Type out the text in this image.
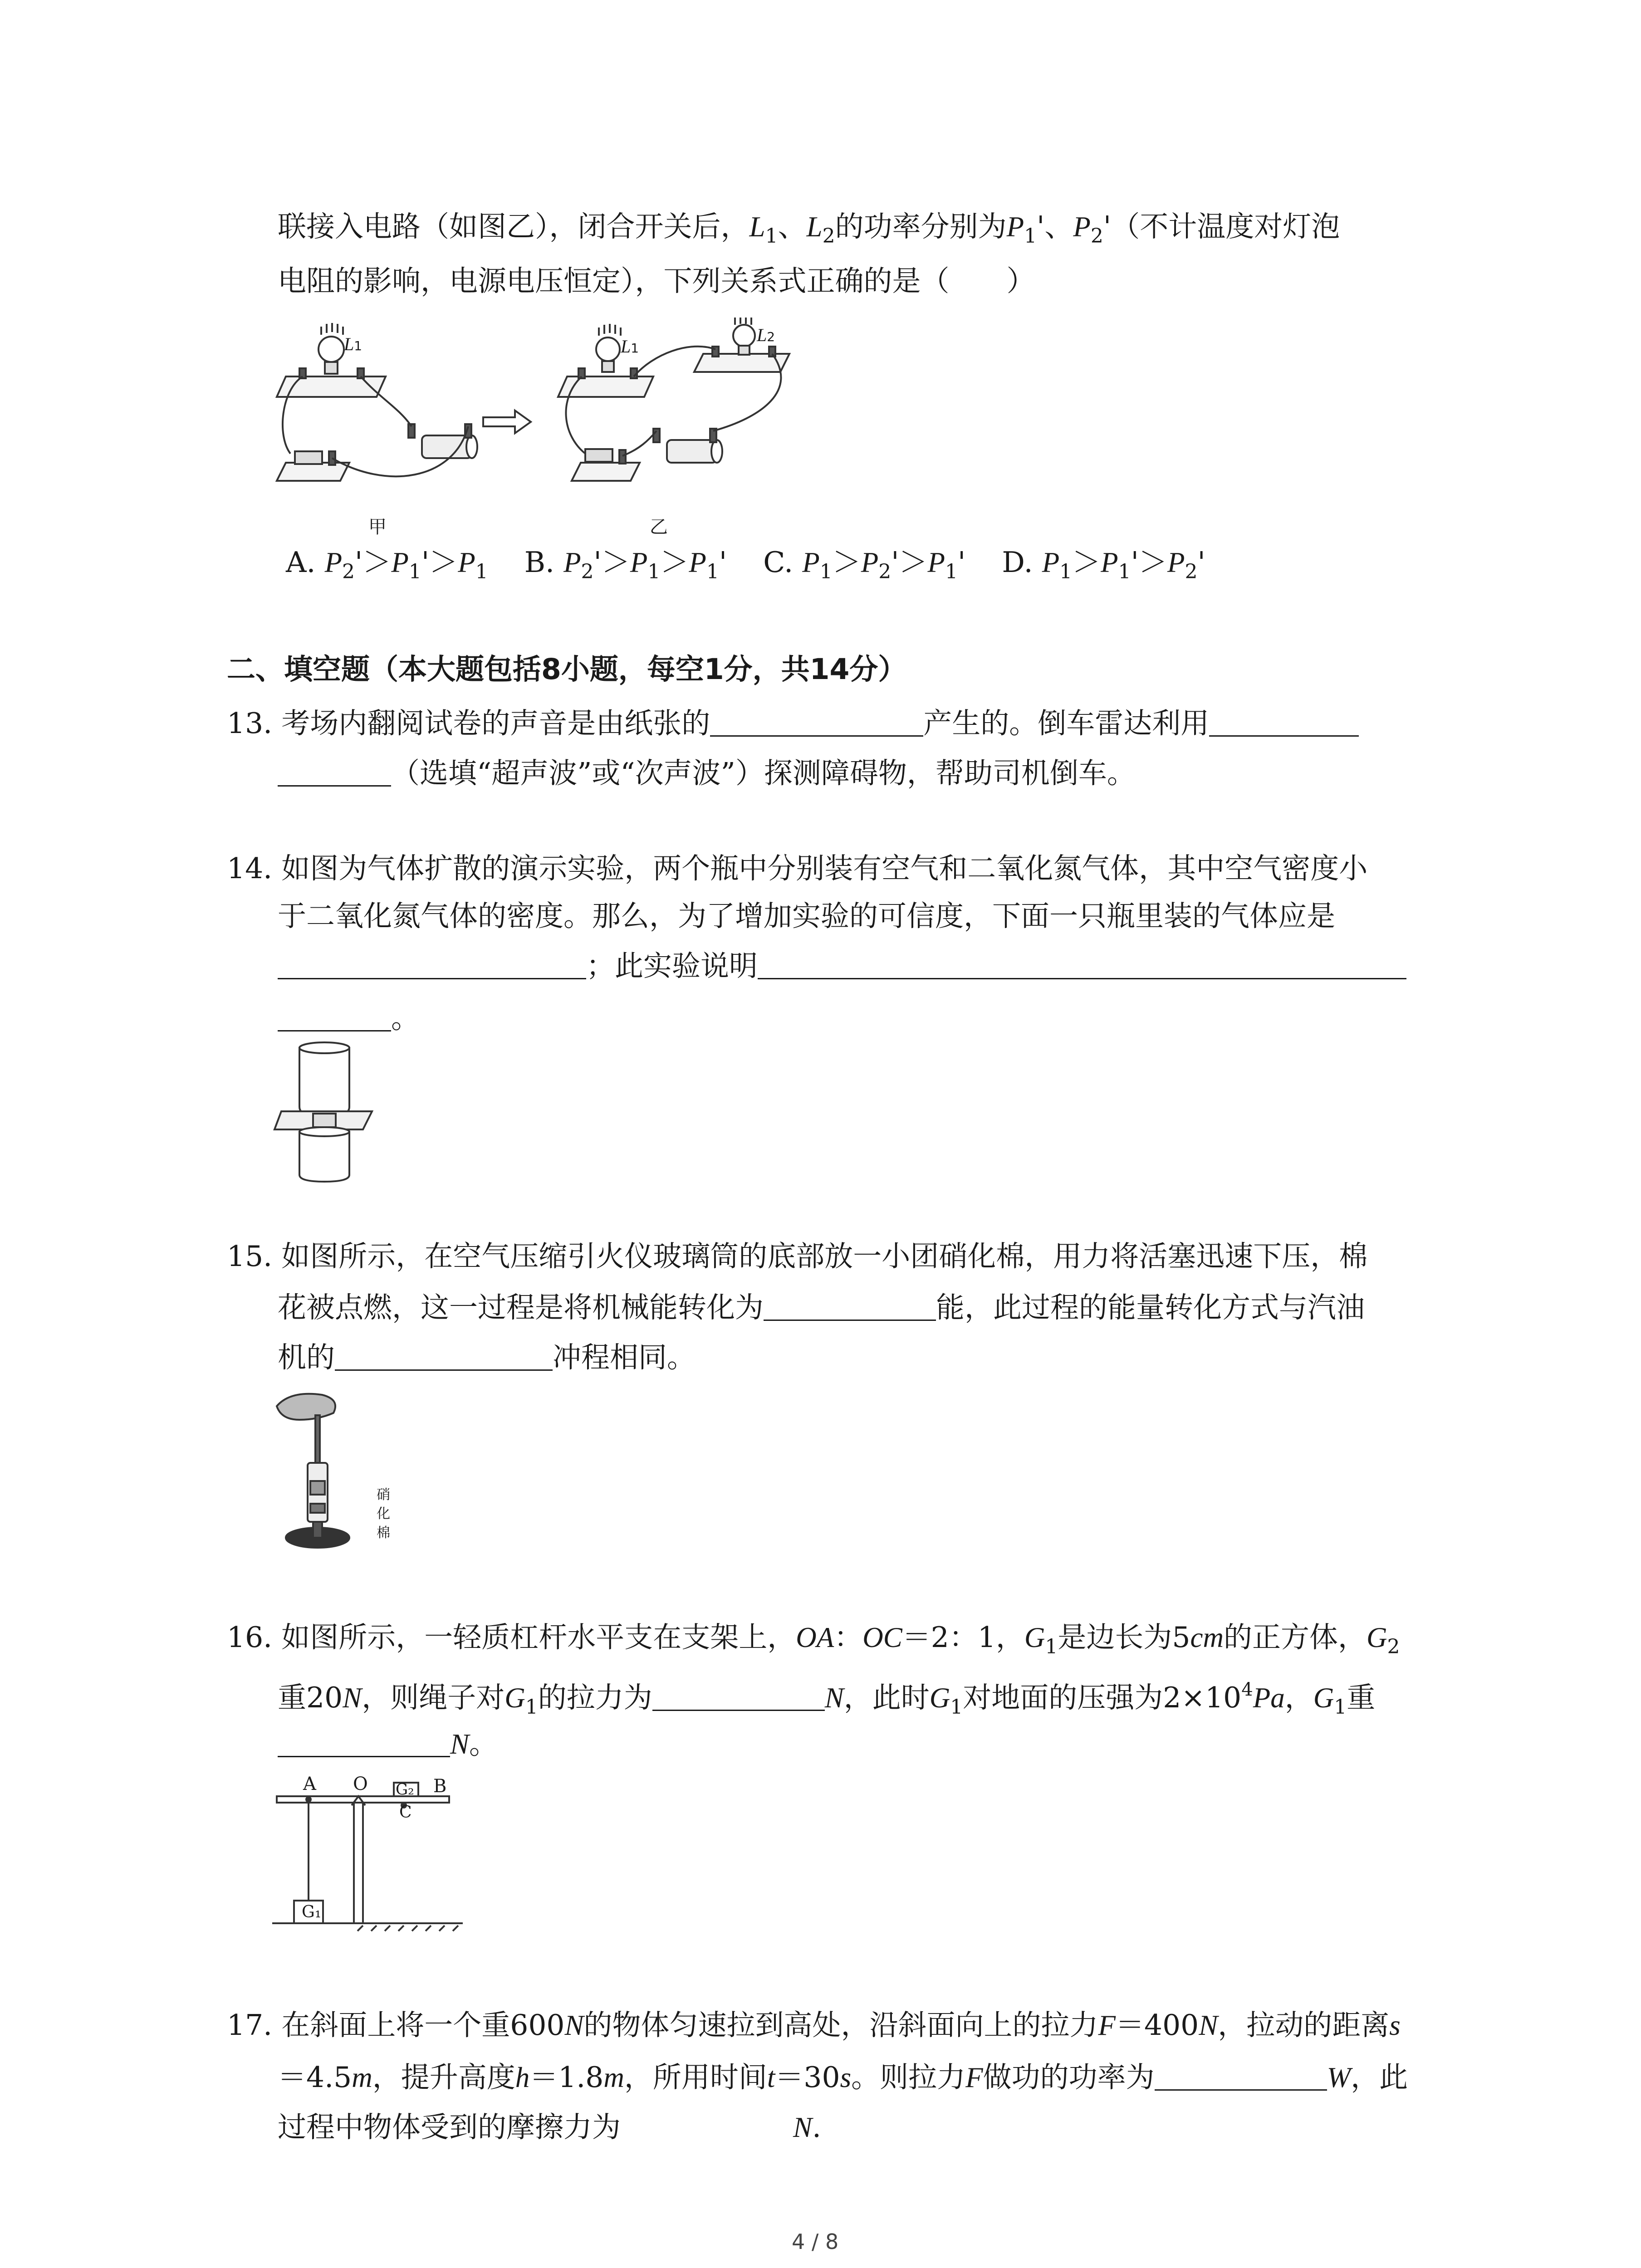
联接入电路（如图乙），闭合开关后，$L_1$、$L_2$的功率分别为$P_1'$、$P_2'$（不计温度对灯泡
电阻的影响，电源电压恒定），下列关系式正确的是（　　）
L1
甲
L1
L2
乙
A. $P_2'>P_1'>P_1$ B. $P_2'>P_1>P_1'$ C. $P_1>P_2'>P_1'$ D. $P_1>P_1'>P_2'$
二、填空题（本大题包括8小题，每空1分，共14分）
13. 考场内翻阅试卷的声音是由纸张的	产生的。倒车雷达利用
（选填“超声波”或“次声波”）探测障碍物，帮助司机倒车。
14. 如图为气体扩散的演示实验，两个瓶中分别装有空气和二氧化氮气体，其中空气密度小
于二氧化氮气体的密度。那么，为了增加实验的可信度，下面一只瓶里装的气体应是
；此实验说明
。
15. 如图所示，在空气压缩引火仪玻璃筒的底部放一小团硝化棉，用力将活塞迅速下压，棉
花被点燃，这一过程是将机械能转化为	能，此过程的能量转化方式与汽油
机的	冲程相同。
硝
化
棉
16. 如图所示，一轻质杠杆水平支在支架上，OA：OC＝2：1，$G_1$是边长为5cm的正方体，$G_2$
重20N，则绳子对$G_1$的拉力为	N，此时$G_1$对地面的压强为$2\times 10^4Pa$，$G_1$重
N。
A O G₂ B
C
G₁
17. 在斜面上将一个重600N的物体匀速拉到高处，沿斜面向上的拉力F＝400N，拉动的距离s
＝4.5m，提升高度h＝1.8m，所用时间t＝30s。则拉力F做功的功率为	W，此
过程中物体受到的摩擦力为	N.
4 / 8
